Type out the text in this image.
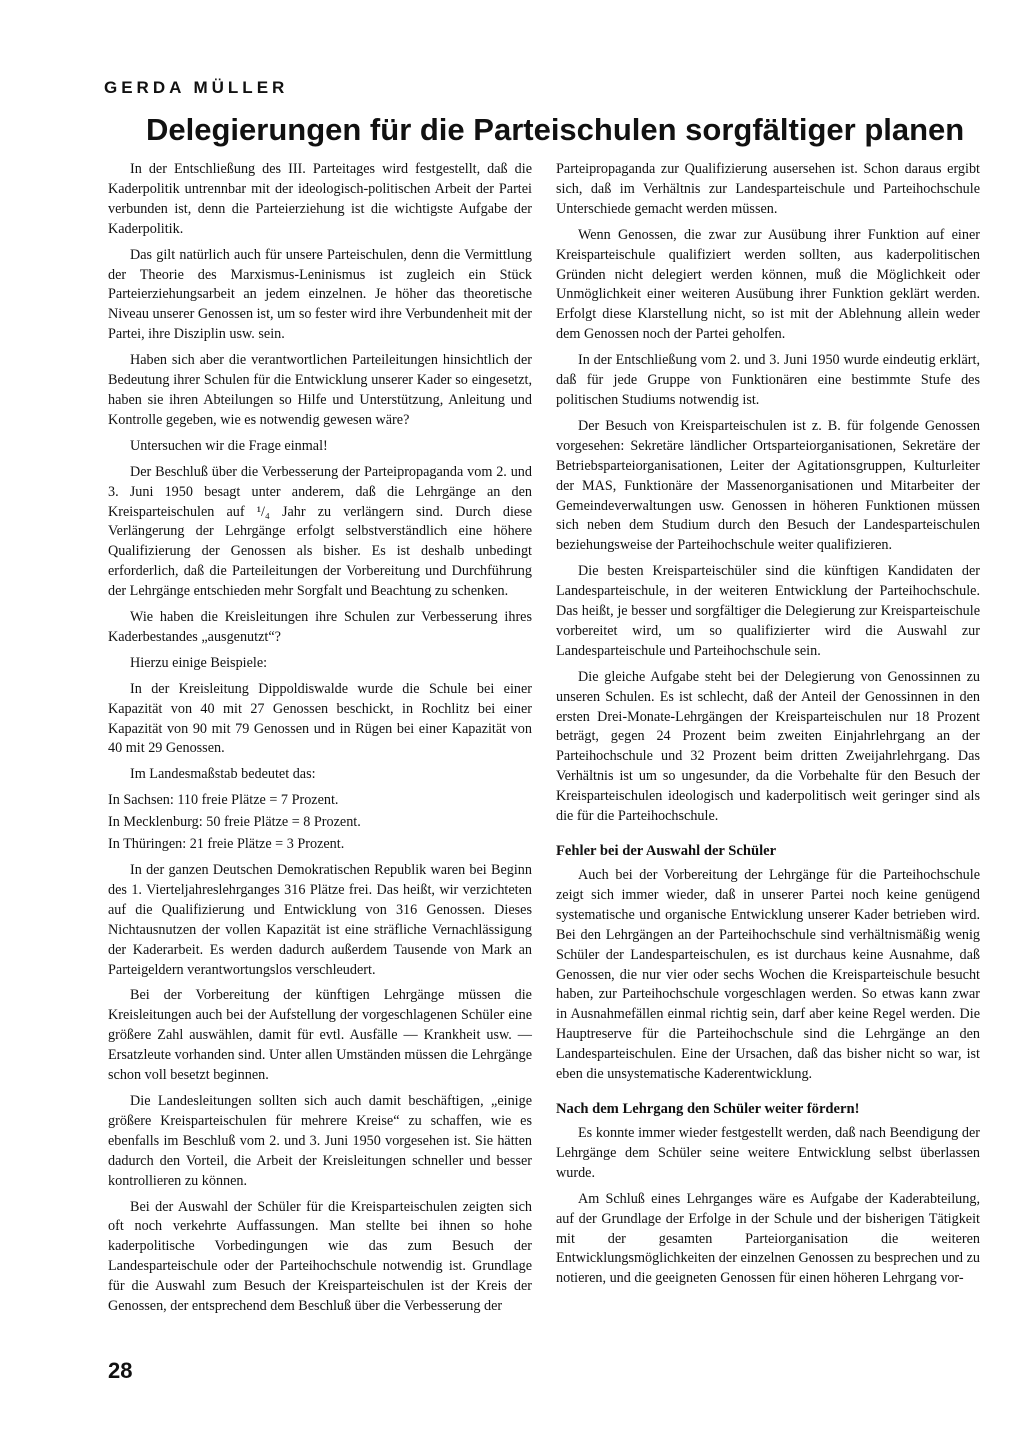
GERDA MÜLLER
Delegierungen für die Parteischulen sorgfältiger planen

In der Entschließung des III. Parteitages wird festgestellt, daß die Kaderpolitik untrennbar mit der ideologisch-politischen Arbeit der Partei verbunden ist, denn die Parteierziehung ist die wichtigste Aufgabe der Kaderpolitik.

Das gilt natürlich auch für unsere Parteischulen, denn die Vermittlung der Theorie des Marxismus-Leninismus ist zugleich ein Stück Parteierziehungsarbeit an jedem einzelnen. Je höher das theoretische Niveau unserer Genossen ist, um so fester wird ihre Verbundenheit mit der Partei, ihre Disziplin usw. sein.

Haben sich aber die verantwortlichen Parteileitungen hinsichtlich der Bedeutung ihrer Schulen für die Entwicklung unserer Kader so eingesetzt, haben sie ihren Abteilungen so Hilfe und Unterstützung, Anleitung und Kontrolle gegeben, wie es notwendig gewesen wäre?

Untersuchen wir die Frage einmal!

Der Beschluß über die Verbesserung der Parteipropaganda vom 2. und 3. Juni 1950 besagt unter anderem, daß die Lehrgänge an den Kreisparteischulen auf ¹/₄ Jahr zu verlängern sind. Durch diese Verlängerung der Lehrgänge erfolgt selbstverständlich eine höhere Qualifizierung der Genossen als bisher. Es ist deshalb unbedingt erforderlich, daß die Parteileitungen der Vorbereitung und Durchführung der Lehrgänge entschieden mehr Sorgfalt und Beachtung zu schenken.

Wie haben die Kreisleitungen ihre Schulen zur Verbesserung ihres Kaderbestandes „ausgenutzt“?

Hierzu einige Beispiele:

In der Kreisleitung Dippoldiswalde wurde die Schule bei einer Kapazität von 40 mit 27 Genossen beschickt, in Rochlitz bei einer Kapazität von 90 mit 79 Genossen und in Rügen bei einer Kapazität von 40 mit 29 Genossen.

Im Landesmaßstab bedeutet das:

In Sachsen: 110 freie Plätze = 7 Prozent.

In Mecklenburg: 50 freie Plätze = 8 Prozent.

In Thüringen: 21 freie Plätze = 3 Prozent.

In der ganzen Deutschen Demokratischen Republik waren bei Beginn des 1. Vierteljahreslehrganges 316 Plätze frei. Das heißt, wir verzichteten auf die Qualifizierung und Entwicklung von 316 Genossen. Dieses Nichtausnutzen der vollen Kapazität ist eine sträfliche Vernachlässigung der Kaderarbeit. Es werden dadurch außerdem Tausende von Mark an Parteigeldern verantwortungslos verschleudert.

Bei der Vorbereitung der künftigen Lehrgänge müssen die Kreisleitungen auch bei der Aufstellung der vorgeschlagenen Schüler eine größere Zahl auswählen, damit für evtl. Ausfälle — Krankheit usw. — Ersatzleute vorhanden sind. Unter allen Umständen müssen die Lehrgänge schon voll besetzt beginnen.

Die Landesleitungen sollten sich auch damit beschäftigen, „einige größere Kreisparteischulen für mehrere Kreise“ zu schaffen, wie es ebenfalls im Beschluß vom 2. und 3. Juni 1950 vorgesehen ist. Sie hätten dadurch den Vorteil, die Arbeit der Kreisleitungen schneller und besser kontrollieren zu können.

Bei der Auswahl der Schüler für die Kreisparteischulen zeigten sich oft noch verkehrte Auffassungen. Man stellte bei ihnen so hohe kaderpolitische Vorbedingungen wie das zum Besuch der Landesparteischule oder der Parteihochschule notwendig ist. Grundlage für die Auswahl zum Besuch der Kreisparteischulen ist der Kreis der Genossen, der entsprechend dem Beschluß über die Verbesserung der

Parteipropaganda zur Qualifizierung ausersehen ist. Schon daraus ergibt sich, daß im Verhältnis zur Landesparteischule und Parteihochschule Unterschiede gemacht werden müssen.

Wenn Genossen, die zwar zur Ausübung ihrer Funktion auf einer Kreisparteischule qualifiziert werden sollten, aus kaderpolitischen Gründen nicht delegiert werden können, muß die Möglichkeit oder Unmöglichkeit einer weiteren Ausübung ihrer Funktion geklärt werden. Erfolgt diese Klarstellung nicht, so ist mit der Ablehnung allein weder dem Genossen noch der Partei geholfen.

In der Entschließung vom 2. und 3. Juni 1950 wurde eindeutig erklärt, daß für jede Gruppe von Funktionären eine bestimmte Stufe des politischen Studiums notwendig ist.

Der Besuch von Kreisparteischulen ist z. B. für folgende Genossen vorgesehen: Sekretäre ländlicher Ortsparteiorganisationen, Sekretäre der Betriebsparteiorganisationen, Leiter der Agitationsgruppen, Kulturleiter der MAS, Funktionäre der Massenorganisationen und Mitarbeiter der Gemeindeverwaltungen usw. Genossen in höheren Funktionen müssen sich neben dem Studium durch den Besuch der Landesparteischulen beziehungsweise der Parteihochschule weiter qualifizieren.

Die besten Kreisparteischüler sind die künftigen Kandidaten der Landesparteischule, in der weiteren Entwicklung der Parteihochschule. Das heißt, je besser und sorgfältiger die Delegierung zur Kreisparteischule vorbereitet wird, um so qualifizierter wird die Auswahl zur Landesparteischule und Parteihochschule sein.

Die gleiche Aufgabe steht bei der Delegierung von Genossinnen zu unseren Schulen. Es ist schlecht, daß der Anteil der Genossinnen in den ersten Drei-Monate-Lehrgängen der Kreisparteischulen nur 18 Prozent beträgt, gegen 24 Prozent beim zweiten Einjahrlehrgang an der Parteihochschule und 32 Prozent beim dritten Zweijahrlehrgang. Das Verhältnis ist um so ungesunder, da die Vorbehalte für den Besuch der Kreisparteischulen ideologisch und kaderpolitisch weit geringer sind als die für die Parteihochschule.

Fehler bei der Auswahl der Schüler

Auch bei der Vorbereitung der Lehrgänge für die Parteihochschule zeigt sich immer wieder, daß in unserer Partei noch keine genügend systematische und organische Entwicklung unserer Kader betrieben wird. Bei den Lehrgängen an der Parteihochschule sind verhältnismäßig wenig Schüler der Landesparteischulen, es ist durchaus keine Ausnahme, daß Genossen, die nur vier oder sechs Wochen die Kreisparteischule besucht haben, zur Parteihochschule vorgeschlagen werden. So etwas kann zwar in Ausnahmefällen einmal richtig sein, darf aber keine Regel werden. Die Hauptreserve für die Parteihochschule sind die Lehrgänge an den Landesparteischulen. Eine der Ursachen, daß das bisher nicht so war, ist eben die unsystematische Kaderentwicklung.

Nach dem Lehrgang den Schüler weiter fördern!

Es konnte immer wieder festgestellt werden, daß nach Beendigung der Lehrgänge dem Schüler seine weitere Entwicklung selbst überlassen wurde.

Am Schluß eines Lehrganges wäre es Aufgabe der Kaderabteilung, auf der Grundlage der Erfolge in der Schule und der bisherigen Tätigkeit mit der gesamten Parteiorganisation die weiteren Entwicklungsmöglichkeiten der einzelnen Genossen zu besprechen und zu notieren, und die geeigneten Genossen für einen höheren Lehrgang vor-

28
